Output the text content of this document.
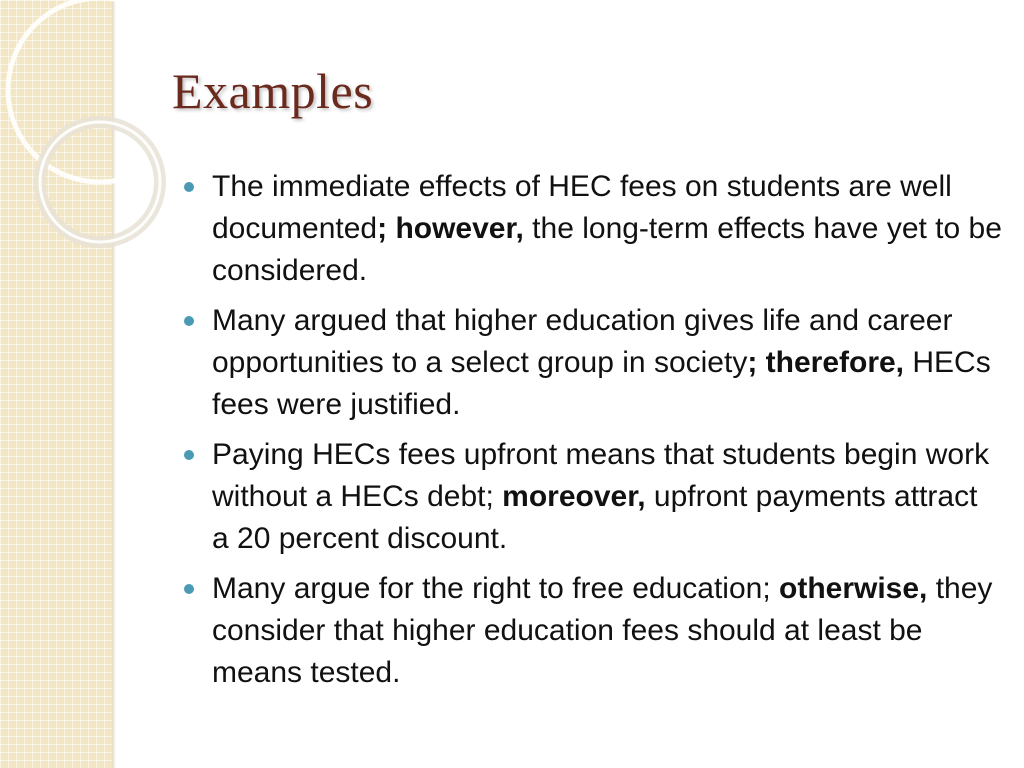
Examples
The immediate effects of HEC fees on students are well documented; however, the long-term effects have yet to be considered.
Many argued that higher education gives life and career opportunities to a select group in society; therefore, HECs fees were justified.
Paying HECs fees upfront means that students begin work without a HECs debt; moreover, upfront payments attract a 20 percent discount.
Many argue for the right to free education; otherwise, they consider that higher education fees should at least be means tested.
